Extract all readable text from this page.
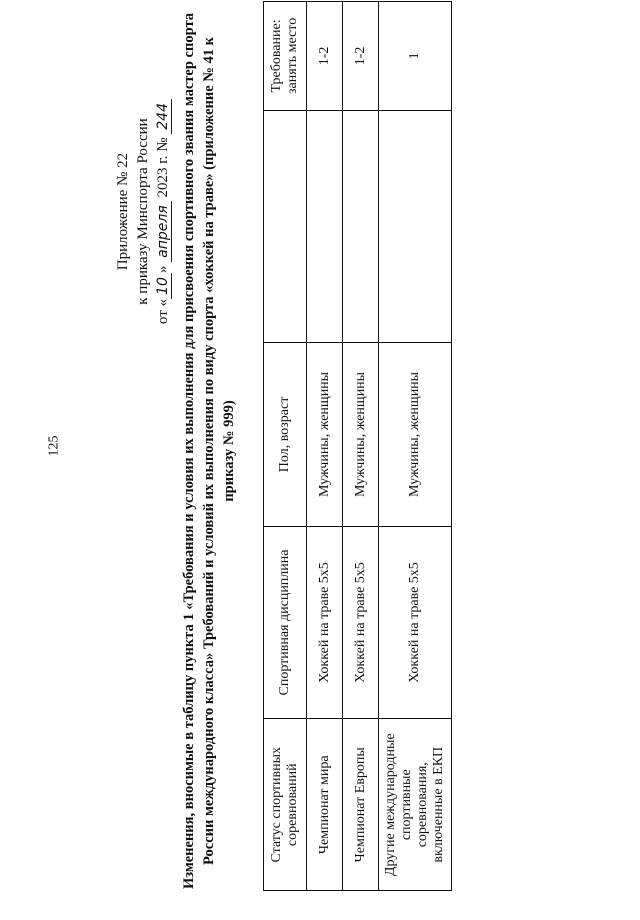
125
Приложение № 22 к приказу Минспорта России
от «10» апреля 2023 г. № 244 Изменения, вносимые в таблицу пункта 1 «Требования и условия их выполнения для присвоения спортивного звания мастер спорта России международного класса» Требований и условий их выполнения по виду спорта «хоккей на траве» (приложение № 41 к приказу № 999)
Статус спортивных соревнований	Спортивная дисциплина	Пол, возраст		Требование: занять место
Чемпионат мира	Хоккей на траве 5х5	Мужчины, женщины		1-2
Чемпионат Европы	Хоккей на траве 5х5	Мужчины, женщины		1-2
Другие международные спортивные соревнования, включенные в ЕКП	Хоккей на траве 5х5	Мужчины, женщины		1
